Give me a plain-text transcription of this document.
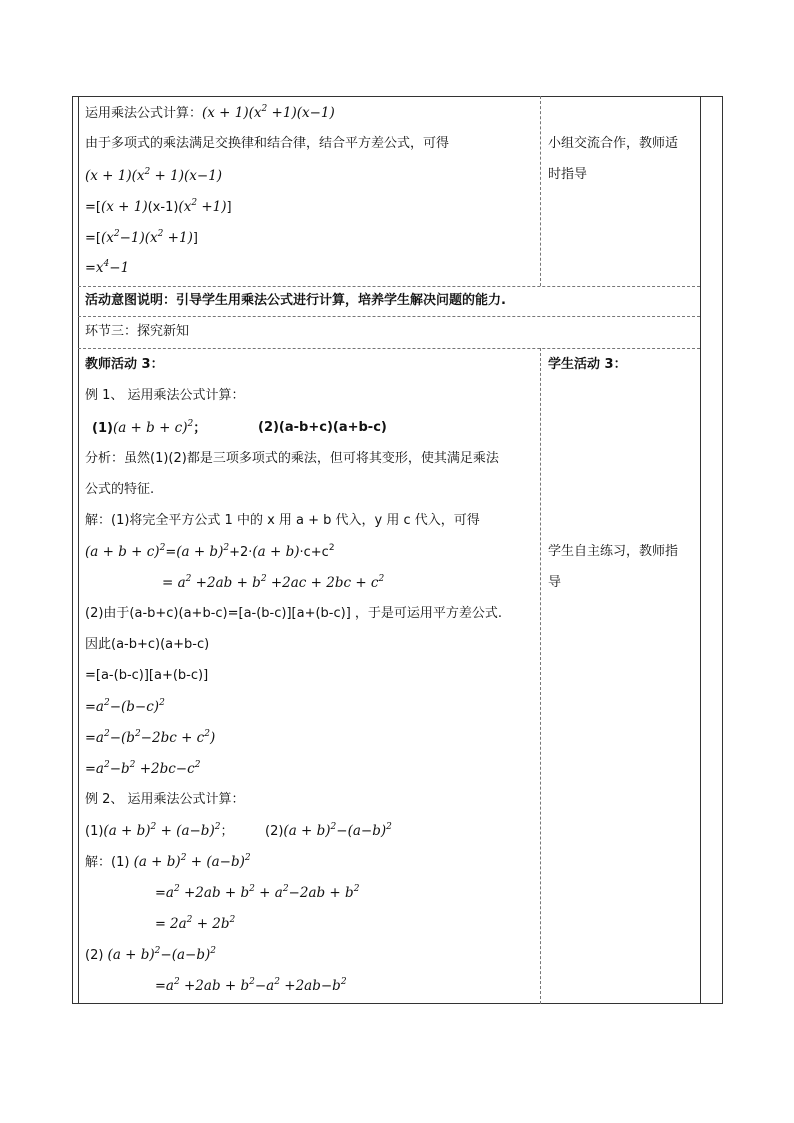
运用乘法公式计算：$(x + 1)(x^2 +1)(x-1)$
由于多项式的乘法满足交换律和结合律，结合平方差公式，可得
$(x + 1)(x^2 + 1)(x-1)$
$=[(x + 1)(x-1)(x^2 +1)]$
$=[(x^2-1)(x^2 +1)]$
$=x^4-1$
小组交流合作，教师适
时指导
活动意图说明：引导学生用乘法公式进行计算，培养学生解决问题的能力.
环节三：探究新知
教师活动 3：	学生活动 3：
例 1、 运用乘法公式计算：
$(1)(a + b + c)^2$；	(2)(a-b+c)(a+b-c)
分析：虽然(1)(2)都是三项多项式的乘法，但可将其变形，使其满足乘法
公式的特征.
解：(1)将完全平方公式 1 中的 x 用 a + b 代入，y 用 c 代入，可得
$(a + b + c)^2=(a + b)^2+2\cdot(a + b)\cdot c+c^2$
= $a^2 +2ab + b^2 +2ac + 2bc + c^2$
(2)由于(a-b+c)(a+b-c)=[a-(b-c)][a+(b-c)] ，于是可运用平方差公式.
因此(a-b+c)(a+b-c)
=[a-(b-c)][a+(b-c)]
$=a^2-(b-c)^2$
$=a^2-(b^2-2bc + c^2)$
$=a^2-b^2 +2bc-c^2$
例 2、 运用乘法公式计算：
$(1)(a + b)^2 + (a-b)^2$； $(2)(a + b)^2-(a-b)^2$
解：(1) $(a + b)^2 + (a-b)^2$
$=a^2 +2ab + b^2 + a^2-2ab + b^2$
= $2a^2 + 2b^2$
(2) $(a + b)^2-(a-b)^2$
$=a^2 +2ab + b^2-a^2 +2ab-b^2$
学生自主练习，教师指
导
